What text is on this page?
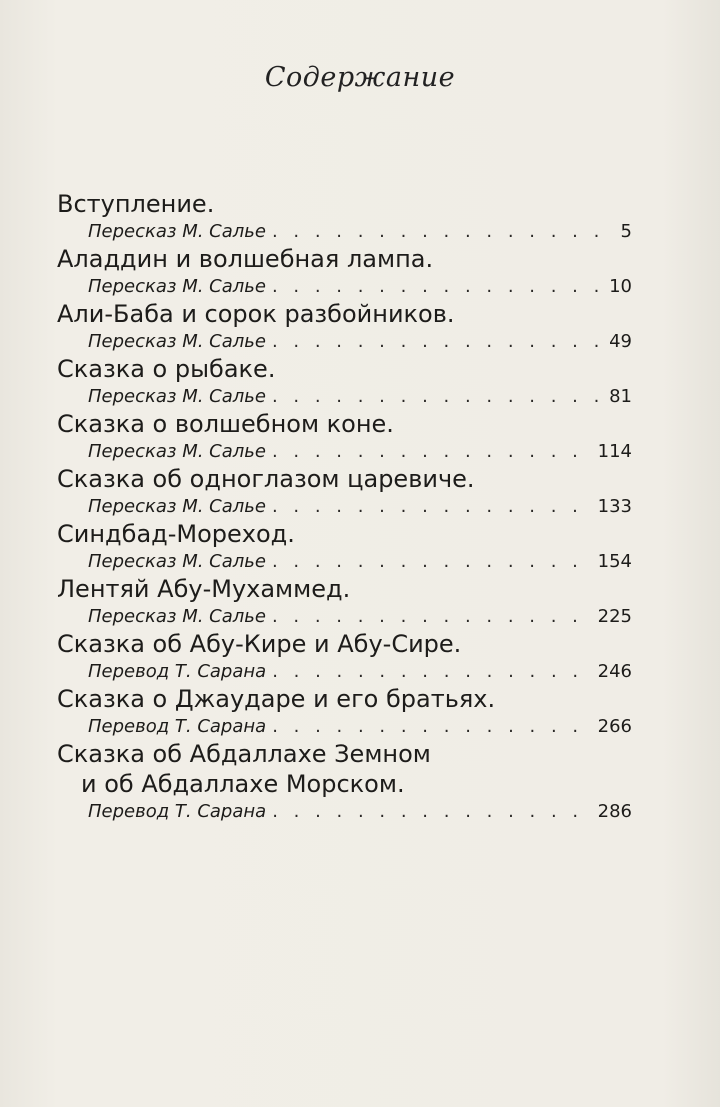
Содержание
Вступление.
Пересказ М. Салье . . .	5
Аладдин и волшебная лампа.
Пересказ М. Салье . . .	10
Али-Баба и сорок разбойников.
Пересказ М. Салье . . .	49
Сказка о рыбаке.
Пересказ М. Салье . . .	81
Сказка о волшебном коне.
Пересказ М. Салье . . .	114
Сказка об одноглазом царевиче.
Пересказ М. Салье . . .	133
Синдбад-Мореход.
Пересказ М. Салье . . .	154
Лентяй Абу-Мухаммед.
Пересказ М. Салье . . .	225
Сказка об Абу-Кире и Абу-Сире.
Перевод Т. Сарана . . .	246
Сказка о Джаударе и его братьях.
Перевод Т. Сарана . . .	266
Сказка об Абдаллахе Земном
и об Абдаллахе Морском.
Перевод Т. Сарана . . .	286
